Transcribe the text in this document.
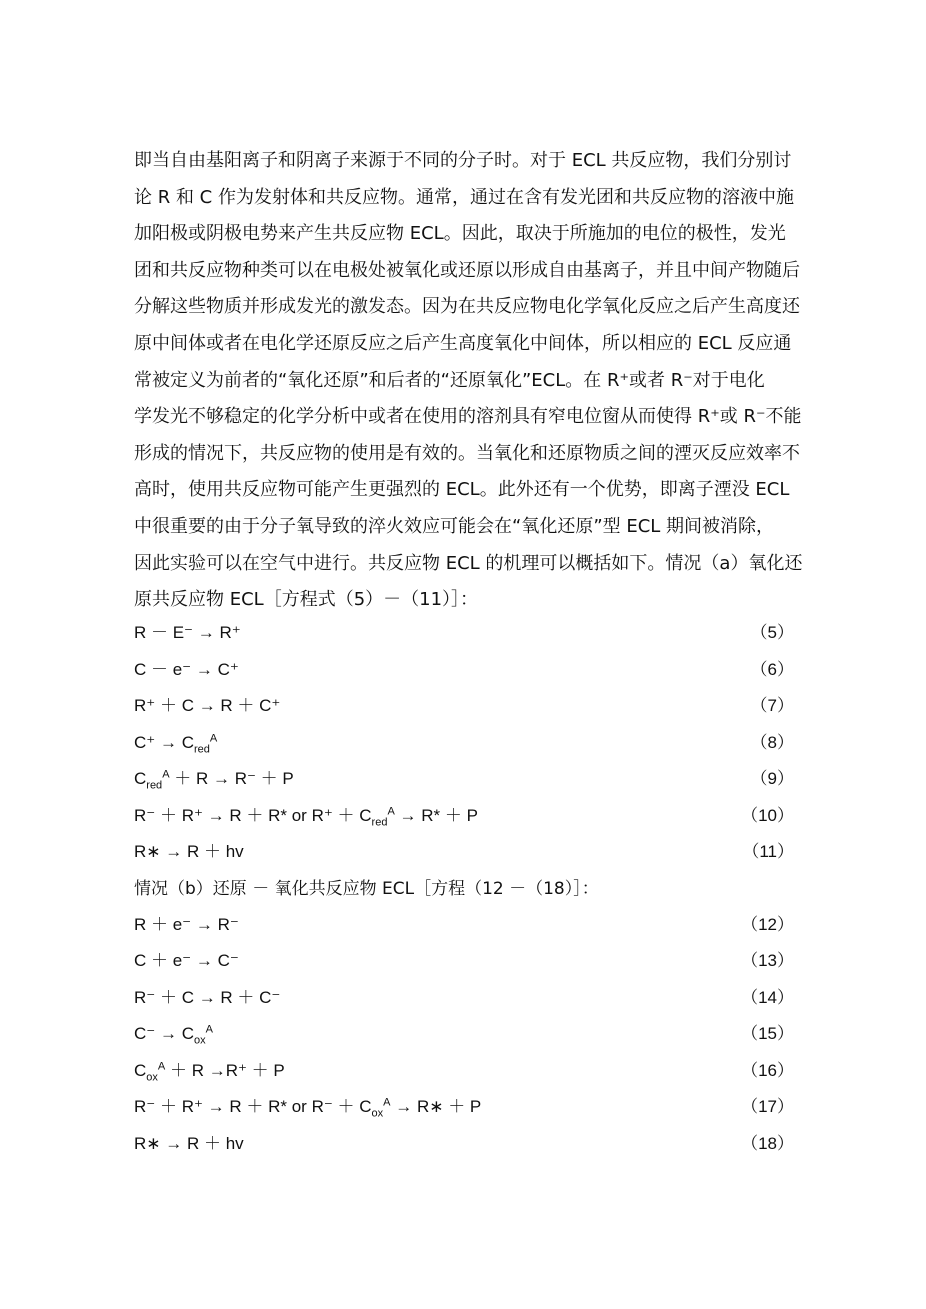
即当自由基阳离子和阴离子来源于不同的分子时。对于 ECL 共反应物，我们分别讨
论 R 和 C 作为发射体和共反应物。通常，通过在含有发光团和共反应物的溶液中施
加阳极或阴极电势来产生共反应物 ECL。因此，取决于所施加的电位的极性，发光
团和共反应物种类可以在电极处被氧化或还原以形成自由基离子，并且中间产物随后
分解这些物质并形成发光的激发态。因为在共反应物电化学氧化反应之后产生高度还
原中间体或者在电化学还原反应之后产生高度氧化中间体，所以相应的 ECL 反应通
常被定义为前者的“氧化还原”和后者的“还原氧化”ECL。在 R⁺或者 R⁻对于电化
学发光不够稳定的化学分析中或者在使用的溶剂具有窄电位窗从而使得 R⁺或 R⁻不能
形成的情况下，共反应物的使用是有效的。当氧化和还原物质之间的湮灭反应效率不
高时，使用共反应物可能产生更强烈的 ECL。此外还有一个优势，即离子湮没 ECL
中很重要的由于分子氧导致的淬火效应可能会在“氧化还原”型 ECL 期间被消除，
因此实验可以在空气中进行。共反应物 ECL 的机理可以概括如下。情况（a）氧化还
原共反应物 ECL［方程式（5）－（11）］：
R － E⁻ → R⁺	（5）
C － e⁻ → C⁺	（6）
R⁺ ＋ C → R ＋ C⁺	（7）
$C^+ \to C_{red}^A$	（8）
$C_{red}^A + R \to R^- + P$	（9）
R⁻ ＋ R⁺ → R ＋ R* or $R^+ + C_{red}^A \to R* + P$	（10）
R∗ → R ＋ hv	（11）
情况（b）还原 － 氧化共反应物 ECL［方程（12 －（18）］：
R ＋ e⁻ → R⁻	（12）
C ＋ e⁻ → C⁻	（13）
R⁻ ＋ C → R ＋ C⁻	（14）
$C^- \to C_{ox}^A$	（15）
$C_{ox}^A + R \to R^+ + P$	（16）
R⁻ ＋ R⁺ → R ＋ R* or $R^- + C_{ox}^A$ → R∗ ＋ P	（17）
R∗ → R ＋ hv	（18）
